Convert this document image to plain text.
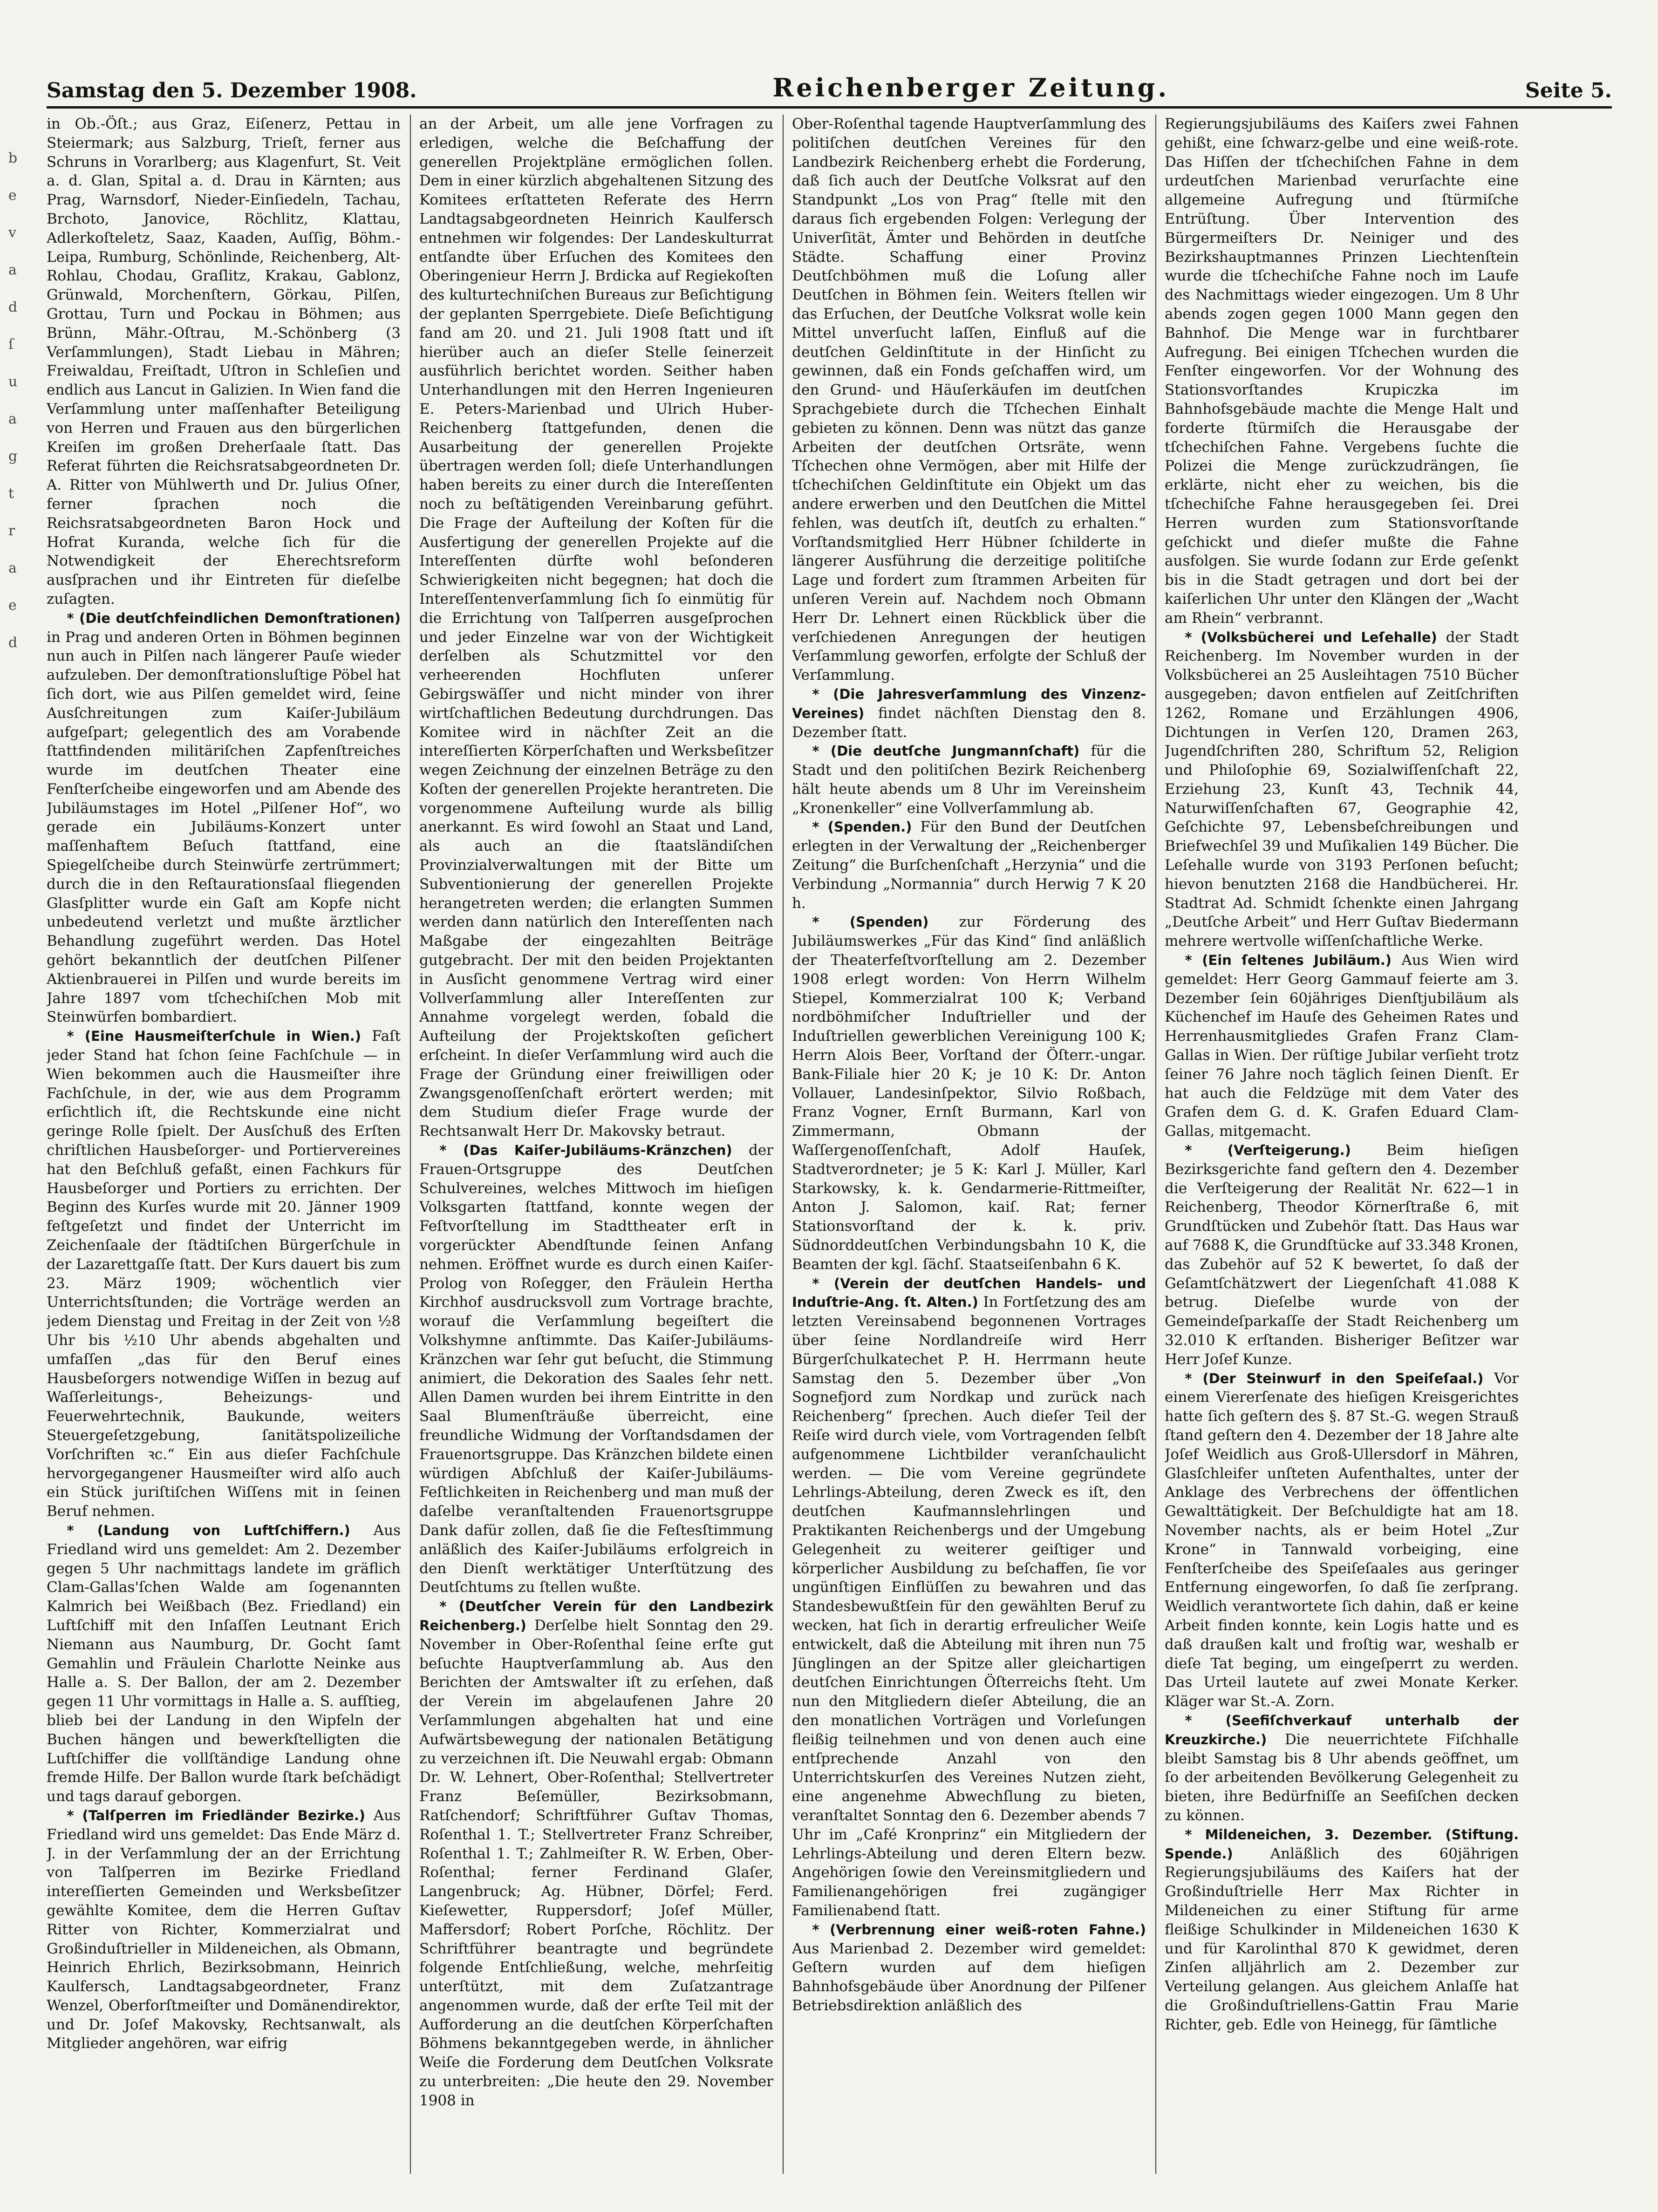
b
e
v
a
d
ſ
u
a
g
t
r
a
e
d
Samstag den 5. Dezember 1908.	Reichenberger Zeitung.	Seite 5.

in Ob.-Öſt.; aus Graz, Eiſenerz, Pettau in Steiermark; aus Salzburg, Trieſt, ferner aus Schruns in Vorarlberg; aus Klagenfurt, St. Veit a. d. Glan, Spital a. d. Drau in Kärnten; aus Prag, Warnsdorf, Nieder-Einſiedeln, Tachau, Brchoto, Janovice, Röchlitz, Klattau, Adlerkoſteletz, Saaz, Kaaden, Auſſig, Böhm.-Leipa, Rumburg, Schönlinde, Reichenberg, Alt-Rohlau, Chodau, Graſlitz, Krakau, Gablonz, Grünwald, Morchenſtern, Görkau, Pilſen, Grottau, Turn und Pockau in Böhmen; aus Brünn, Mähr.-Oſtrau, M.-Schönberg (3 Verſammlungen), Stadt Liebau in Mähren; Freiwaldau, Freiſtadt, Uſtron in Schleſien und endlich aus Lancut in Galizien. In Wien fand die Verſammlung unter maſſenhafter Beteiligung von Herren und Frauen aus den bürgerlichen Kreiſen im großen Dreherſaale ſtatt. Das Referat führten die Reichsratsabgeordneten Dr. A. Ritter von Mühlwerth und Dr. Julius Oſner, ferner ſprachen noch die Reichsratsabgeordneten Baron Hock und Hofrat Kuranda, welche ſich für die Notwendigkeit der Eherechtsreform ausſprachen und ihr Eintreten für dieſelbe zuſagten.

* (Die deutſchfeindlichen Demonſtrationen) in Prag und anderen Orten in Böhmen beginnen nun auch in Pilſen nach längerer Pauſe wieder aufzuleben. Der demonſtrationsluſtige Pöbel hat ſich dort, wie aus Pilſen gemeldet wird, ſeine Ausſchreitungen zum Kaiſer-Jubiläum aufgeſpart; gelegentlich des am Vorabende ſtattfindenden militäriſchen Zapfenſtreiches wurde im deutſchen Theater eine Fenſterſcheibe eingeworfen und am Abende des Jubiläumstages im Hotel „Pilſener Hof“, wo gerade ein Jubiläums-Konzert unter maſſenhaftem Beſuch ſtattfand, eine Spiegelſcheibe durch Steinwürfe zertrümmert; durch die in den Reſtaurationsſaal fliegenden Glasſplitter wurde ein Gaſt am Kopfe nicht unbedeutend verletzt und mußte ärztlicher Behandlung zugeführt werden. Das Hotel gehört bekanntlich der deutſchen Pilſener Aktienbrauerei in Pilſen und wurde bereits im Jahre 1897 vom tſchechiſchen Mob mit Steinwürfen bombardiert.

* (Eine Hausmeiſterſchule in Wien.) Faſt jeder Stand hat ſchon ſeine Fachſchule — in Wien bekommen auch die Hausmeiſter ihre Fachſchule, in der, wie aus dem Programm erſichtlich iſt, die Rechtskunde eine nicht geringe Rolle ſpielt. Der Ausſchuß des Erſten chriſtlichen Hausbeſorger- und Portiervereines hat den Beſchluß gefaßt, einen Fachkurs für Hausbeſorger und Portiers zu errichten. Der Beginn des Kurſes wurde mit 20. Jänner 1909 feſtgeſetzt und findet der Unterricht im Zeichenſaale der ſtädtiſchen Bürgerſchule in der Lazarettgaſſe ſtatt. Der Kurs dauert bis zum 23. März 1909; wöchentlich vier Unterrichtsſtunden; die Vorträge werden an jedem Dienstag und Freitag in der Zeit von ½8 Uhr bis ½10 Uhr abends abgehalten und umfaſſen „das für den Beruf eines Hausbeſorgers notwendige Wiſſen in bezug auf Waſſerleitungs-, Beheizungs- und Feuerwehrtechnik, Baukunde, weiters Steuergeſetzgebung, ſanitätspolizeiliche Vorſchriften ꝛc.“ Ein aus dieſer Fachſchule hervorgegangener Hausmeiſter wird alſo auch ein Stück juriſtiſchen Wiſſens mit in ſeinen Beruf nehmen.

* (Landung von Luftſchiffern.) Aus Friedland wird uns gemeldet: Am 2. Dezember gegen 5 Uhr nachmittags landete im gräflich Clam-Gallas'ſchen Walde am ſogenannten Kalmrich bei Weißbach (Bez. Friedland) ein Luftſchiff mit den Inſaſſen Leutnant Erich Niemann aus Naumburg, Dr. Gocht ſamt Gemahlin und Fräulein Charlotte Neinke aus Halle a. S. Der Ballon, der am 2. Dezember gegen 11 Uhr vormittags in Halle a. S. aufſtieg, blieb bei der Landung in den Wipfeln der Buchen hängen und bewerkſtelligten die Luftſchiffer die vollſtändige Landung ohne fremde Hilfe. Der Ballon wurde ſtark beſchädigt und tags darauf geborgen.

* (Talſperren im Friedländer Bezirke.) Aus Friedland wird uns gemeldet: Das Ende März d. J. in der Verſammlung der an der Errichtung von Talſperren im Bezirke Friedland intereſſierten Gemeinden und Werksbeſitzer gewählte Komitee, dem die Herren Guſtav Ritter von Richter, Kommerzialrat und Großinduſtrieller in Mildeneichen, als Obmann, Heinrich Ehrlich, Bezirksobmann, Heinrich Kaulfersch, Landtagsabgeordneter, Franz Wenzel, Oberforſtmeiſter und Domänendirektor, und Dr. Joſef Makovsky, Rechtsanwalt, als Mitglieder angehören, war eifrig

an der Arbeit, um alle jene Vorfragen zu erledigen, welche die Beſchaffung der generellen Projektpläne ermöglichen ſollen. Dem in einer kürzlich abgehaltenen Sitzung des Komitees erſtatteten Referate des Herrn Landtagsabgeordneten Heinrich Kaulfersch entnehmen wir folgendes: Der Landeskulturrat entſandte über Erſuchen des Komitees den Oberingenieur Herrn J. Brdicka auf Regiekoſten des kulturtechniſchen Bureaus zur Beſichtigung der geplanten Sperrgebiete. Dieſe Beſichtigung fand am 20. und 21. Juli 1908 ſtatt und iſt hierüber auch an dieſer Stelle ſeinerzeit ausführlich berichtet worden. Seither haben Unterhandlungen mit den Herren Ingenieuren E. Peters-Marienbad und Ulrich Huber-Reichenberg ſtattgefunden, denen die Ausarbeitung der generellen Projekte übertragen werden ſoll; dieſe Unterhandlungen haben bereits zu einer durch die Intereſſenten noch zu beſtätigenden Vereinbarung geführt. Die Frage der Aufteilung der Koſten für die Ausfertigung der generellen Projekte auf die Intereſſenten dürfte wohl beſonderen Schwierigkeiten nicht begegnen; hat doch die Intereſſentenverſammlung ſich ſo einmütig für die Errichtung von Talſperren ausgeſprochen und jeder Einzelne war von der Wichtigkeit derſelben als Schutzmittel vor den verheerenden Hochfluten unſerer Gebirgswäſſer und nicht minder von ihrer wirtſchaftlichen Bedeutung durchdrungen. Das Komitee wird in nächſter Zeit an die intereſſierten Körperſchaften und Werksbeſitzer wegen Zeichnung der einzelnen Beträge zu den Koſten der generellen Projekte herantreten. Die vorgenommene Aufteilung wurde als billig anerkannt. Es wird ſowohl an Staat und Land, als auch an die ſtaatsländiſchen Provinzialverwaltungen mit der Bitte um Subventionierung der generellen Projekte herangetreten werden; die erlangten Summen werden dann natürlich den Intereſſenten nach Maßgabe der eingezahlten Beiträge gutgebracht. Der mit den beiden Projektanten in Ausſicht genommene Vertrag wird einer Vollverſammlung aller Intereſſenten zur Annahme vorgelegt werden, ſobald die Aufteilung der Projektskoſten geſichert erſcheint. In dieſer Verſammlung wird auch die Frage der Gründung einer freiwilligen oder Zwangsgenoſſenſchaft erörtert werden; mit dem Studium dieſer Frage wurde der Rechtsanwalt Herr Dr. Makovsky betraut.

* (Das Kaiſer-Jubiläums-Kränzchen) der Frauen-Ortsgruppe des Deutſchen Schulvereines, welches Mittwoch im hieſigen Volksgarten ſtattfand, konnte wegen der Feſtvorſtellung im Stadttheater erſt in vorgerückter Abendſtunde ſeinen Anfang nehmen. Eröffnet wurde es durch einen Kaiſer-Prolog von Roſegger, den Fräulein Hertha Kirchhof ausdrucksvoll zum Vortrage brachte, worauf die Verſammlung begeiſtert die Volkshymne anſtimmte. Das Kaiſer-Jubiläums-Kränzchen war ſehr gut beſucht, die Stimmung animiert, die Dekoration des Saales ſehr nett. Allen Damen wurden bei ihrem Eintritte in den Saal Blumenſträuße überreicht, eine freundliche Widmung der Vorſtandsdamen der Frauenortsgruppe. Das Kränzchen bildete einen würdigen Abſchluß der Kaiſer-Jubiläums-Feſtlichkeiten in Reichenberg und man muß der daſelbe veranſtaltenden Frauenortsgruppe Dank dafür zollen, daß ſie die Feſtesſtimmung anläßlich des Kaiſer-Jubiläums erfolgreich in den Dienſt werktätiger Unterſtützung des Deutſchtums zu ſtellen wußte.

* (Deutſcher Verein für den Landbezirk Reichenberg.) Derſelbe hielt Sonntag den 29. November in Ober-Roſenthal ſeine erſte gut beſuchte Hauptverſammlung ab. Aus den Berichten der Amtswalter iſt zu erſehen, daß der Verein im abgelaufenen Jahre 20 Verſammlungen abgehalten hat und eine Aufwärtsbewegung der nationalen Betätigung zu verzeichnen iſt. Die Neuwahl ergab: Obmann Dr. W. Lehnert, Ober-Roſenthal; Stellvertreter Franz Beſemüller, Bezirksobmann, Ratſchendorf; Schriftführer Guſtav Thomas, Roſenthal 1. T.; Stellvertreter Franz Schreiber, Roſenthal 1. T.; Zahlmeiſter R. W. Erben, Ober-Roſenthal; ferner Ferdinand Glaſer, Langenbruck; Ag. Hübner, Dörfel; Ferd. Kieſewetter, Ruppersdorf; Joſef Müller, Maffersdorf; Robert Porſche, Röchlitz. Der Schriftführer beantragte und begründete folgende Entſchließung, welche, mehrſeitig unterſtützt, mit dem Zuſatzantrage angenommen wurde, daß der erſte Teil mit der Aufforderung an die deutſchen Körperſchaften Böhmens bekanntgegeben werde, in ähnlicher Weiſe die Forderung dem Deutſchen Volksrate zu unterbreiten: „Die heute den 29. November 1908 in

Ober-Roſenthal tagende Hauptverſammlung des politiſchen deutſchen Vereines für den Landbezirk Reichenberg erhebt die Forderung, daß ſich auch der Deutſche Volksrat auf den Standpunkt „Los von Prag“ ſtelle mit den daraus ſich ergebenden Folgen: Verlegung der Univerſität, Ämter und Behörden in deutſche Städte. Schaffung einer Provinz Deutſchböhmen muß die Loſung aller Deutſchen in Böhmen ſein. Weiters ſtellen wir das Erſuchen, der Deutſche Volksrat wolle kein Mittel unverſucht laſſen, Einfluß auf die deutſchen Geldinſtitute in der Hinſicht zu gewinnen, daß ein Fonds geſchaffen wird, um den Grund- und Häuſerkäufen im deutſchen Sprachgebiete durch die Tſchechen Einhalt gebieten zu können. Denn was nützt das ganze Arbeiten der deutſchen Ortsräte, wenn Tſchechen ohne Vermögen, aber mit Hilfe der tſchechiſchen Geldinſtitute ein Objekt um das andere erwerben und den Deutſchen die Mittel fehlen, was deutſch iſt, deutſch zu erhalten.“ Vorſtandsmitglied Herr Hübner ſchilderte in längerer Ausführung die derzeitige politiſche Lage und fordert zum ſtrammen Arbeiten für unſeren Verein auf. Nachdem noch Obmann Herr Dr. Lehnert einen Rückblick über die verſchiedenen Anregungen der heutigen Verſammlung geworfen, erfolgte der Schluß der Verſammlung.

* (Die Jahresverſammlung des Vinzenz-Vereines) findet nächſten Dienstag den 8. Dezember ſtatt.

* (Die deutſche Jungmannſchaft) für die Stadt und den politiſchen Bezirk Reichenberg hält heute abends um 8 Uhr im Vereinsheim „Kronenkeller“ eine Vollverſammlung ab.

* (Spenden.) Für den Bund der Deutſchen erlegten in der Verwaltung der „Reichenberger Zeitung“ die Burſchenſchaft „Herzynia“ und die Verbindung „Normannia“ durch Herwig 7 K 20 h.

* (Spenden) zur Förderung des Jubiläumswerkes „Für das Kind“ ſind anläßlich der Theaterfeſtvorſtellung am 2. Dezember 1908 erlegt worden: Von Herrn Wilhelm Stiepel, Kommerzialrat 100 K; Verband nordböhmiſcher Induſtrieller und der Induſtriellen gewerblichen Vereinigung 100 K; Herrn Alois Beer, Vorſtand der Öſterr.-ungar. Bank-Filiale hier 20 K; je 10 K: Dr. Anton Vollauer, Landesinſpektor, Silvio Roßbach, Franz Vogner, Ernſt Burmann, Karl von Zimmermann, Obmann der Waſſergenoſſenſchaft, Adolf Hauſek, Stadtverordneter; je 5 K: Karl J. Müller, Karl Starkowsky, k. k. Gendarmerie-Rittmeiſter, Anton J. Salomon, kaiſ. Rat; ferner Stationsvorſtand der k. k. priv. Südnorddeutſchen Verbindungsbahn 10 K, die Beamten der kgl. ſächſ. Staatseiſenbahn 6 K.

* (Verein der deutſchen Handels- und Induſtrie-Ang. ſt. Alten.) In Fortſetzung des am letzten Vereinsabend begonnenen Vortrages über ſeine Nordlandreiſe wird Herr Bürgerſchulkatechet P. H. Herrmann heute Samstag den 5. Dezember über „Von Sognefjord zum Nordkap und zurück nach Reichenberg“ ſprechen. Auch dieſer Teil der Reiſe wird durch viele, vom Vortragenden ſelbſt aufgenommene Lichtbilder veranſchaulicht werden. — Die vom Vereine gegründete Lehrlings-Abteilung, deren Zweck es iſt, den deutſchen Kaufmannslehrlingen und Praktikanten Reichenbergs und der Umgebung Gelegenheit zu weiterer geiſtiger und körperlicher Ausbildung zu beſchaffen, ſie vor ungünſtigen Einflüſſen zu bewahren und das Standesbewußtſein für den gewählten Beruf zu wecken, hat ſich in derartig erfreulicher Weiſe entwickelt, daß die Abteilung mit ihren nun 75 Jünglingen an der Spitze aller gleichartigen deutſchen Einrichtungen Öſterreichs ſteht. Um nun den Mitgliedern dieſer Abteilung, die an den monatlichen Vorträgen und Vorleſungen fleißig teilnehmen und von denen auch eine entſprechende Anzahl von den Unterrichtskurſen des Vereines Nutzen zieht, eine angenehme Abwechſlung zu bieten, veranſtaltet Sonntag den 6. Dezember abends 7 Uhr im „Café Kronprinz“ ein Mitgliedern der Lehrlings-Abteilung und deren Eltern bezw. Angehörigen ſowie den Vereinsmitgliedern und Familienangehörigen frei zugängiger Familienabend ſtatt.

* (Verbrennung einer weiß-roten Fahne.) Aus Marienbad 2. Dezember wird gemeldet: Geſtern wurden auf dem hieſigen Bahnhofsgebäude über Anordnung der Pilſener Betriebsdirektion anläßlich des

Regierungsjubiläums des Kaiſers zwei Fahnen gehißt, eine ſchwarz-gelbe und eine weiß-rote. Das Hiſſen der tſchechiſchen Fahne in dem urdeutſchen Marienbad verurſachte eine allgemeine Aufregung und ſtürmiſche Entrüſtung. Über Intervention des Bürgermeiſters Dr. Neiniger und des Bezirkshauptmannes Prinzen Liechtenſtein wurde die tſchechiſche Fahne noch im Laufe des Nachmittags wieder eingezogen. Um 8 Uhr abends zogen gegen 1000 Mann gegen den Bahnhof. Die Menge war in furchtbarer Aufregung. Bei einigen Tſchechen wurden die Fenſter eingeworfen. Vor der Wohnung des Stationsvorſtandes Krupiczka im Bahnhofsgebäude machte die Menge Halt und forderte ſtürmiſch die Herausgabe der tſchechiſchen Fahne. Vergebens ſuchte die Polizei die Menge zurückzudrängen, ſie erklärte, nicht eher zu weichen, bis die tſchechiſche Fahne herausgegeben ſei. Drei Herren wurden zum Stationsvorſtande geſchickt und dieſer mußte die Fahne ausfolgen. Sie wurde ſodann zur Erde geſenkt bis in die Stadt getragen und dort bei der kaiſerlichen Uhr unter den Klängen der „Wacht am Rhein“ verbrannt.

* (Volksbücherei und Leſehalle) der Stadt Reichenberg. Im November wurden in der Volksbücherei an 25 Ausleihtagen 7510 Bücher ausgegeben; davon entfielen auf Zeitſchriften 1262, Romane und Erzählungen 4906, Dichtungen in Verſen 120, Dramen 263, Jugendſchriften 280, Schriftum 52, Religion und Philoſophie 69, Sozialwiſſenſchaft 22, Erziehung 23, Kunſt 43, Technik 44, Naturwiſſenſchaften 67, Geographie 42, Geſchichte 97, Lebensbeſchreibungen und Briefwechſel 39 und Muſikalien 149 Bücher. Die Leſehalle wurde von 3193 Perſonen beſucht; hievon benutzten 2168 die Handbücherei. Hr. Stadtrat Ad. Schmidt ſchenkte einen Jahrgang „Deutſche Arbeit“ und Herr Guſtav Biedermann mehrere wertvolle wiſſenſchaftliche Werke.

* (Ein ſeltenes Jubiläum.) Aus Wien wird gemeldet: Herr Georg Gammauf feierte am 3. Dezember ſein 60jähriges Dienſtjubiläum als Küchenchef im Hauſe des Geheimen Rates und Herrenhausmitgliedes Grafen Franz Clam-Gallas in Wien. Der rüſtige Jubilar verſieht trotz ſeiner 76 Jahre noch täglich ſeinen Dienſt. Er hat auch die Feldzüge mit dem Vater des Grafen dem G. d. K. Grafen Eduard Clam-Gallas, mitgemacht.

* (Verſteigerung.) Beim hieſigen Bezirksgerichte fand geſtern den 4. Dezember die Verſteigerung der Realität Nr. 622—1 in Reichenberg, Theodor Körnerſtraße 6, mit Grundſtücken und Zubehör ſtatt. Das Haus war auf 7688 K, die Grundſtücke auf 33.348 Kronen, das Zubehör auf 52 K bewertet, ſo daß der Geſamtſchätzwert der Liegenſchaft 41.088 K betrug. Dieſelbe wurde von der Gemeindeſparkaſſe der Stadt Reichenberg um 32.010 K erſtanden. Bisheriger Beſitzer war Herr Joſef Kunze.

* (Der Steinwurf in den Speiſeſaal.) Vor einem Viererſenate des hieſigen Kreisgerichtes hatte ſich geſtern des §. 87 St.-G. wegen Strauß ſtand geſtern den 4. Dezember der 18 Jahre alte Joſef Weidlich aus Groß-Ullersdorf in Mähren, Glasſchleifer unſteten Aufenthaltes, unter der Anklage des Verbrechens der öffentlichen Gewalttätigkeit. Der Beſchuldigte hat am 18. November nachts, als er beim Hotel „Zur Krone“ in Tannwald vorbeiging, eine Fenſterſcheibe des Speiſeſaales aus geringer Entfernung eingeworfen, ſo daß ſie zerſprang. Weidlich verantwortete ſich dahin, daß er keine Arbeit finden konnte, kein Logis hatte und es daß draußen kalt und froſtig war, weshalb er dieſe Tat beging, um eingeſperrt zu werden. Das Urteil lautete auf zwei Monate Kerker. Kläger war St.-A. Zorn.

* (Seefiſchverkauf unterhalb der Kreuzkirche.) Die neuerrichtete Fiſchhalle bleibt Samstag bis 8 Uhr abends geöffnet, um ſo der arbeitenden Bevölkerung Gelegenheit zu bieten, ihre Bedürfniſſe an Seefiſchen decken zu können.

* Mildeneichen, 3. Dezember. (Stiftung. Spende.)	Anläßlich des 60jährigen Regierungsjubiläums des Kaiſers hat der Großinduſtrielle Herr Max Richter in Mildeneichen zu einer Stiftung für arme fleißige Schulkinder in Mildeneichen 1630 K und für Karolinthal 870 K gewidmet, deren Zinſen alljährlich am 2. Dezember zur Verteilung gelangen. Aus gleichem Anlaſſe hat die Großinduſtriellens-Gattin Frau Marie Richter, geb. Edle von Heinegg, für ſämtliche
